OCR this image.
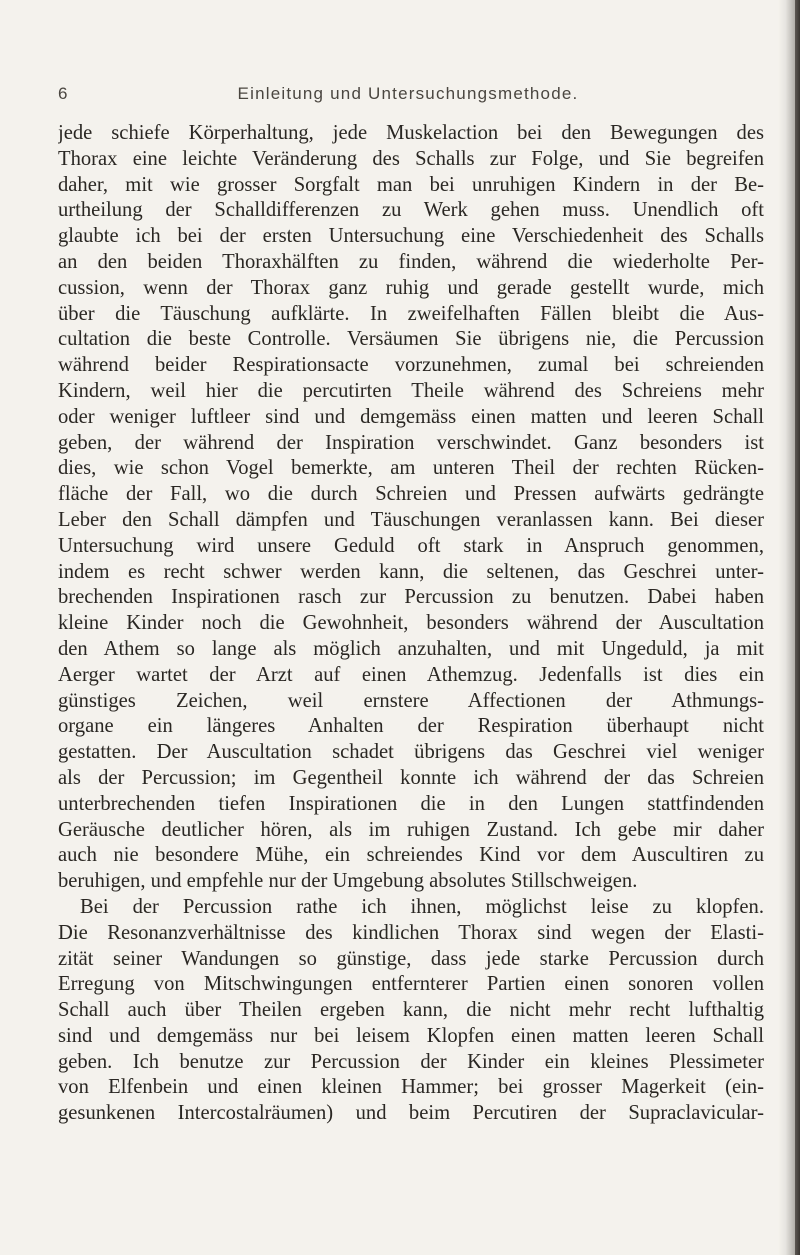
6	Einleitung und Untersuchungsmethode.
jede schiefe Körperhaltung, jede Muskelaction bei den Bewegungen des
Thorax eine leichte Veränderung des Schalls zur Folge, und Sie begreifen
daher, mit wie grosser Sorgfalt man bei unruhigen Kindern in der Be-
urtheilung der Schalldifferenzen zu Werk gehen muss. Unendlich oft
glaubte ich bei der ersten Untersuchung eine Verschiedenheit des Schalls
an den beiden Thoraxhälften zu finden, während die wiederholte Per-
cussion, wenn der Thorax ganz ruhig und gerade gestellt wurde, mich
über die Täuschung aufklärte. In zweifelhaften Fällen bleibt die Aus-
cultation die beste Controlle. Versäumen Sie übrigens nie, die Percussion
während beider Respirationsacte vorzunehmen, zumal bei schreienden
Kindern, weil hier die percutirten Theile während des Schreiens mehr
oder weniger luftleer sind und demgemäss einen matten und leeren Schall
geben, der während der Inspiration verschwindet. Ganz besonders ist
dies, wie schon Vogel bemerkte, am unteren Theil der rechten Rücken-
fläche der Fall, wo die durch Schreien und Pressen aufwärts gedrängte
Leber den Schall dämpfen und Täuschungen veranlassen kann. Bei dieser
Untersuchung wird unsere Geduld oft stark in Anspruch genommen,
indem es recht schwer werden kann, die seltenen, das Geschrei unter-
brechenden Inspirationen rasch zur Percussion zu benutzen. Dabei haben
kleine Kinder noch die Gewohnheit, besonders während der Auscultation
den Athem so lange als möglich anzuhalten, und mit Ungeduld, ja mit
Aerger wartet der Arzt auf einen Athemzug. Jedenfalls ist dies ein
günstiges Zeichen, weil ernstere Affectionen der Athmungs-
organe ein längeres Anhalten der Respiration überhaupt nicht
gestatten. Der Auscultation schadet übrigens das Geschrei viel weniger
als der Percussion; im Gegentheil konnte ich während der das Schreien
unterbrechenden tiefen Inspirationen die in den Lungen stattfindenden
Geräusche deutlicher hören, als im ruhigen Zustand. Ich gebe mir daher
auch nie besondere Mühe, ein schreiendes Kind vor dem Auscultiren zu
beruhigen, und empfehle nur der Umgebung absolutes Stillschweigen.
Bei der Percussion rathe ich ihnen, möglichst leise zu klopfen.
Die Resonanzverhältnisse des kindlichen Thorax sind wegen der Elasti-
zität seiner Wandungen so günstige, dass jede starke Percussion durch
Erregung von Mitschwingungen entfernterer Partien einen sonoren vollen
Schall auch über Theilen ergeben kann, die nicht mehr recht lufthaltig
sind und demgemäss nur bei leisem Klopfen einen matten leeren Schall
geben. Ich benutze zur Percussion der Kinder ein kleines Plessimeter
von Elfenbein und einen kleinen Hammer; bei grosser Magerkeit (ein-
gesunkenen Intercostalräumen) und beim Percutiren der Supraclavicular-
